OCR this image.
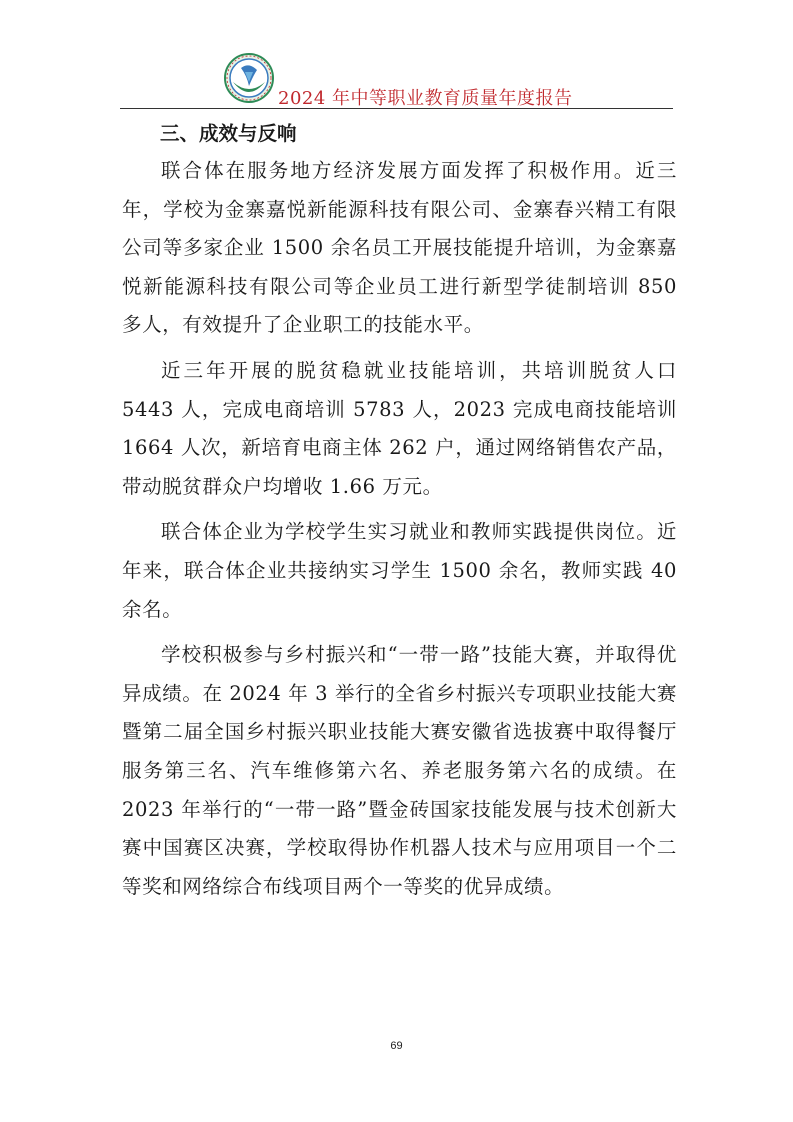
2024 年中等职业教育质量年度报告
三、成效与反响

联合体在服务地方经济发展方面发挥了积极作用。近三年，学校为金寨嘉悦新能源科技有限公司、金寨春兴精工有限公司等多家企业 1500 余名员工开展技能提升培训，为金寨嘉悦新能源科技有限公司等企业员工进行新型学徒制培训 850 多人，有效提升了企业职工的技能水平。

近三年开展的脱贫稳就业技能培训，共培训脱贫人口 5443 人，完成电商培训 5783 人，2023 完成电商技能培训 1664 人次，新培育电商主体 262 户，通过网络销售农产品，带动脱贫群众户均增收 1.66 万元。

联合体企业为学校学生实习就业和教师实践提供岗位。近年来，联合体企业共接纳实习学生 1500 余名，教师实践 40 余名。

学校积极参与乡村振兴和“一带一路”技能大赛，并取得优异成绩。在 2024 年 3 举行的全省乡村振兴专项职业技能大赛暨第二届全国乡村振兴职业技能大赛安徽省选拔赛中取得餐厅服务第三名、汽车维修第六名、养老服务第六名的成绩。在 2023 年举行的“一带一路”暨金砖国家技能发展与技术创新大赛中国赛区决赛，学校取得协作机器人技术与应用项目一个二等奖和网络综合布线项目两个一等奖的优异成绩。

69
